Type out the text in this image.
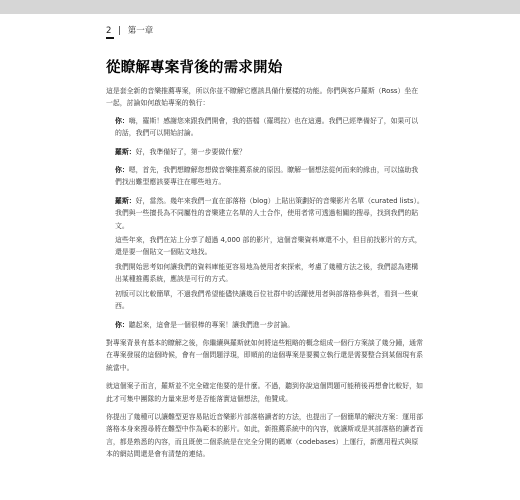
2 | 第一章
從瞭解專案背後的需求開始

這是套全新的音樂推薦專案，所以你並不瞭解它應該具備什麼樣的功能。你們與客戶羅斯（Ross）坐在一起，討論如何啟始專案的執行：

你：嗨，羅斯！感謝您來跟我們開會，我的搭檔（羅瑪拉）也在這邊。我們已經準備好了，如果可以的話，我們可以開始討論。

羅斯：好，我準備好了，第一步要做什麼？

你：嗯，首先，我們想瞭解您想做音樂推薦系統的原因。瞭解一個想法從何而來的緣由，可以協助我們找出難型應該要專注在哪些地方。

羅斯：好，當然。幾年來我們一直在部落格（blog）上貼出策劃好的音樂影片名單（curated lists）。我們與一些擅長為不同屬性的音樂建立名單的人士合作，使用者常可透過相關的搜尋，找到我們的貼文。

這些年來，我們在站上分享了超過 4,000 部的影片，這個音樂資料庫還不小，但目前找影片的方式，還是要一個貼文一個貼文地找。

我們開始思考如何讓我們的資料庫能更容易地為使用者來探索，考慮了幾種方法之後，我們認為建構出某種推薦系統，應該是可行的方式。

初版可以比較簡單，不過我們希望能儘快讓幾百位社群中的活躍使用者與部落格參與者，看到一些東西。

你：聽起來，這會是一個很棒的專案！讓我們進一步討論。

對專案背景有基本的瞭解之後，你繼續與羅斯就如何將這些粗略的概念組成一個行方案談了幾分鐘，通常在專案發展的這個時候，會有一個問題浮現，即順前的這個專案是要獨立執行還是需要整合到某個現有系統當中。

就這個案子而言，羅斯並不完全確定他要的是什麼。不過，聽到你說這個問題可能稍後再想會比較好，如此才可集中團隊的力量來思考是否能落實這個想法，他贊成。

你提出了幾種可以讓難型更容易貼近音樂影片部落格讀者的方法，也提出了一個簡單的解決方案：運用部落格本身來搜尋將在難型中作為範本的影片。如此，新推薦系統中的內容，就讓斯或是其部落格的讀者而言，都是熟悉的內容，而且既使二個系統是在完全分開的碼庫（codebases）上運行，新應用程式與原本的網站間還是會有清楚的連結。
